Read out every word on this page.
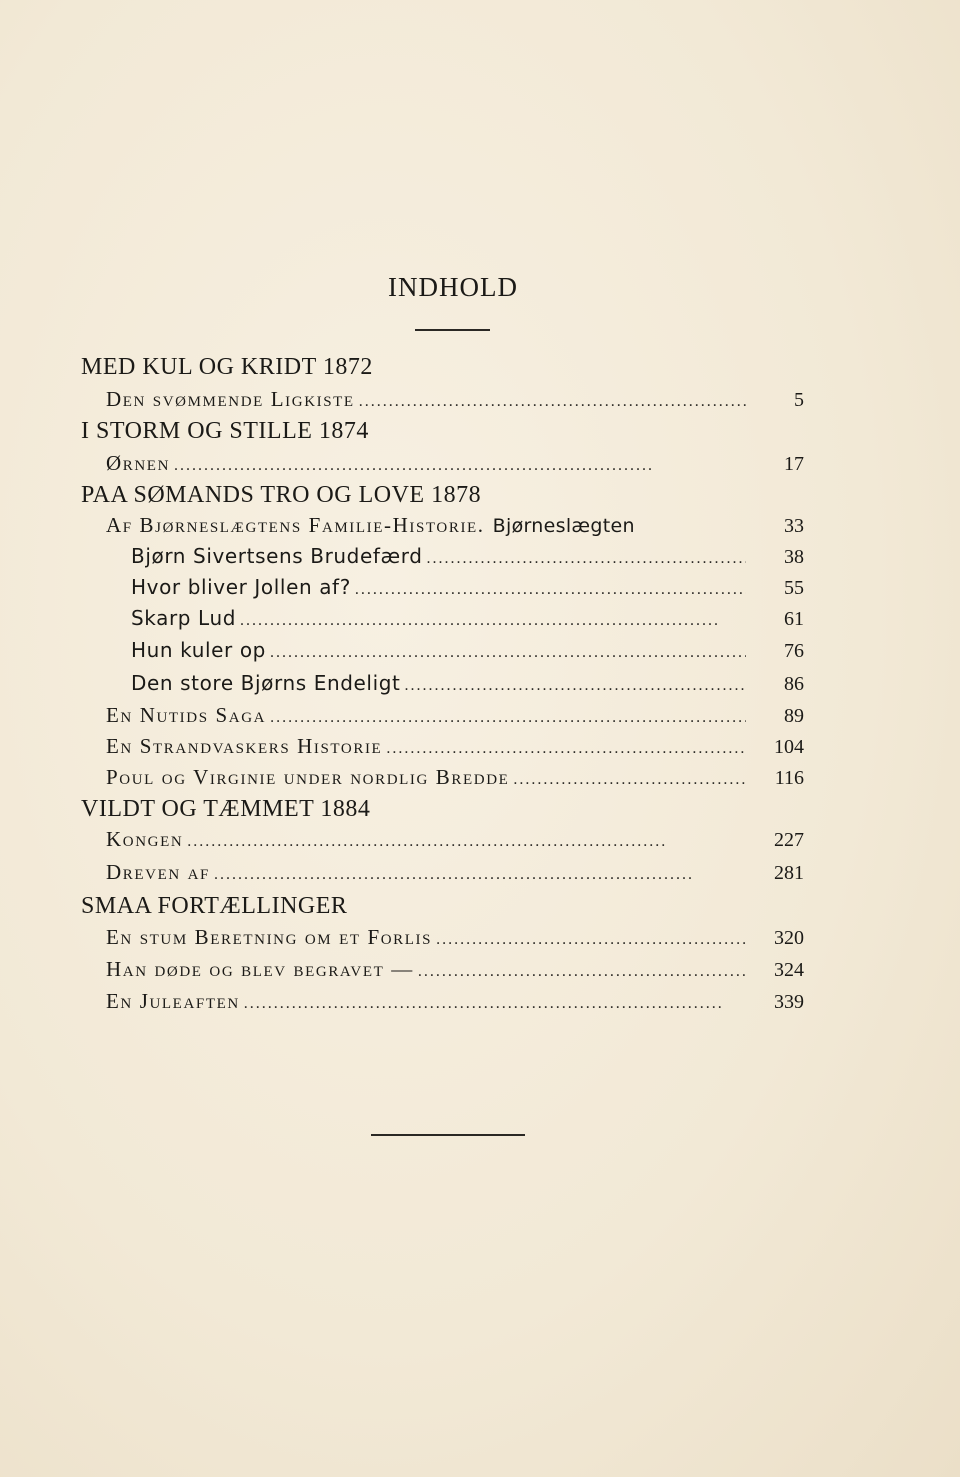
INDHOLD
MED KUL OG KRIDT 1872
Den svømmende Ligkiste . . .	5
I STORM OG STILLE 1874
Ørnen . . .	17
PAA SØMANDS TRO OG LOVE 1878
Af Bjørneslægtens Familie-Historie. Bjørneslægten	33
Bjørn Sivertsens Brudefærd . . .	38
Hvor bliver Jollen af? . . .	55
Skarp Lud . . .	61
Hun kuler op . . .	76
Den store Bjørns Endeligt . . .	86
En Nutids Saga . . .	89
En Strandvaskers Historie . . .	104
Poul og Virginie under nordlig Bredde . . .	116
VILDT OG TÆMMET 1884
Kongen . . .	227
Dreven af . . .	281
SMAA FORTÆLLINGER
En stum Beretning om et Forlis . . .	320
Han døde og blev begravet — . . .	324
En Juleaften . . .	339
